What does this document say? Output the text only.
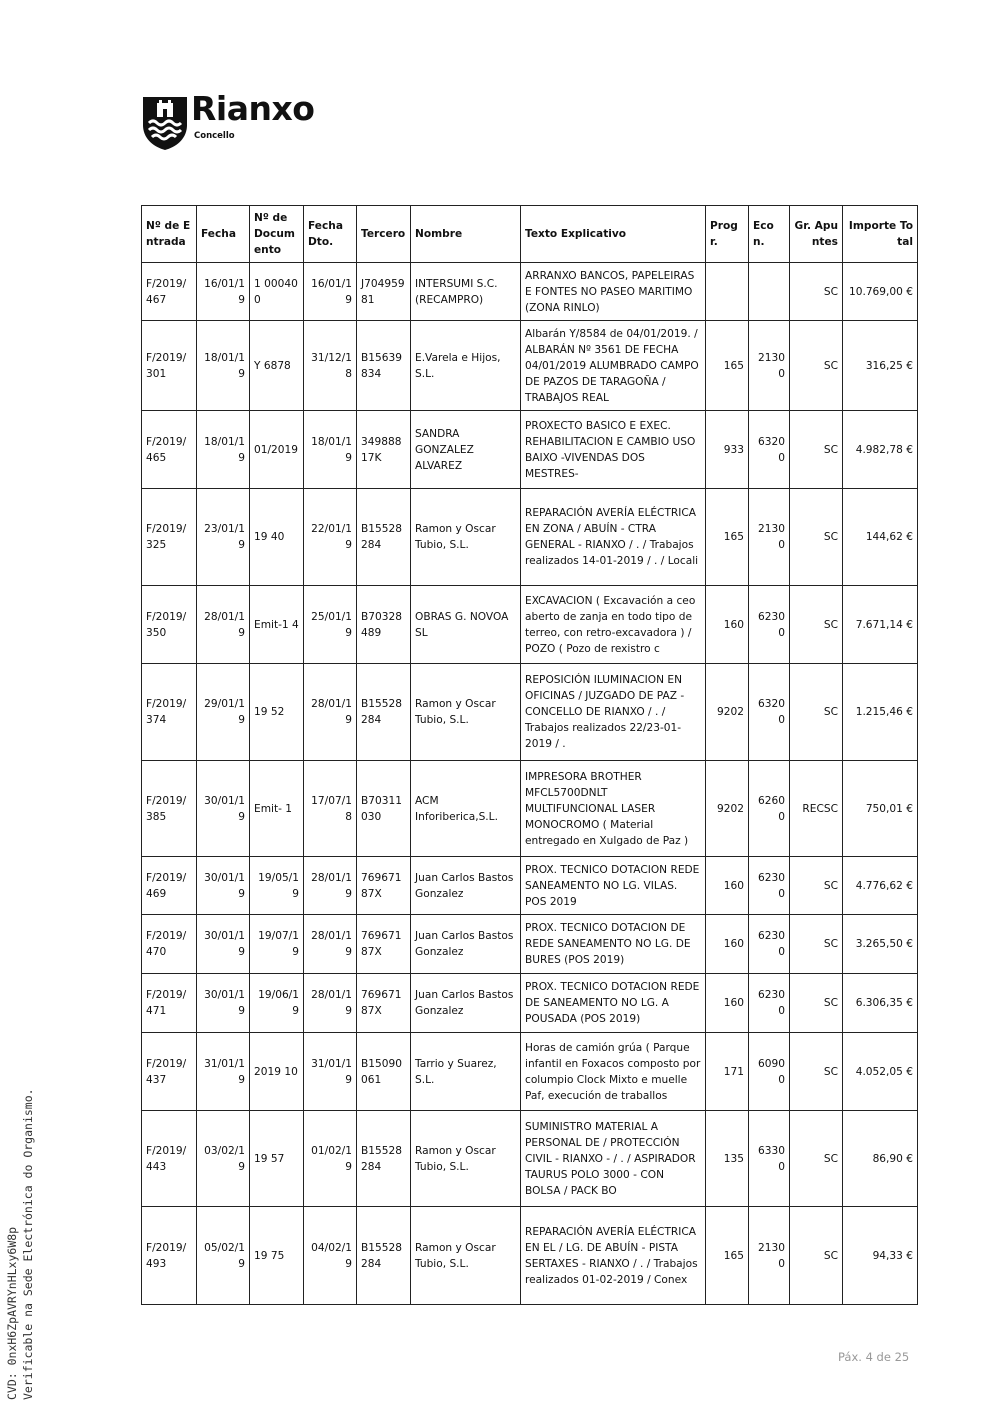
Rianxo
Concello
Nº de Entrada	Fecha	Nº de Documento	Fecha Dto.	Tercero	Nombre	Texto Explicativo	Progr.	Econ.	Gr. Apuntes	Importe Total
F/2019/467	16/01/19	1 000400	16/01/19	J70495981	INTERSUMI S.C. (RECAMPRO)	ARRANXO BANCOS, PAPELEIRAS E FONTES NO PASEO MARITIMO (ZONA RINLO)			SC	10.769,00 €
F/2019/301	18/01/19	Y 6878	31/12/18	B15639834	E.Varela e Hijos, S.L.	Albarán Y/8584 de 04/01/2019. / ALBARÁN Nº 3561 DE FECHA 04/01/2019 ALUMBRADO CAMPO DE PAZOS DE TARAGOÑA / TRABAJOS REAL	165	21300	SC	316,25 €
F/2019/465	18/01/19	01/2019	18/01/19	34988817K	SANDRA GONZALEZ ALVAREZ	PROXECTO BASICO E EXEC. REHABILITACION E CAMBIO USO BAIXO -VIVENDAS DOS MESTRES-	933	63200	SC	4.982,78 €
F/2019/325	23/01/19	19 40	22/01/19	B15528284	Ramon y Oscar Tubio, S.L.	REPARACIÓN AVERÍA ELÉCTRICA EN ZONA / ABUÍN - CTRA GENERAL - RIANXO / . / Trabajos realizados 14-01-2019 / . / Locali	165	21300	SC	144,62 €
F/2019/350	28/01/19	Emit-1 4	25/01/19	B70328489	OBRAS G. NOVOA SL	EXCAVACION ( Excavación a ceo aberto de zanja en todo tipo de terreo, con retro-excavadora ) / POZO ( Pozo de rexistro c	160	62300	SC	7.671,14 €
F/2019/374	29/01/19	19 52	28/01/19	B15528284	Ramon y Oscar Tubio, S.L.	REPOSICIÓN ILUMINACION EN OFICINAS / JUZGADO DE PAZ - CONCELLO DE RIANXO / . / Trabajos realizados 22/23-01-2019 / .	9202	63200	SC	1.215,46 €
F/2019/385	30/01/19	Emit- 1	17/07/18	B70311030	ACM Inforiberica,S.L.	IMPRESORA BROTHER MFCL5700DNLT MULTIFUNCIONAL LASER MONOCROMO ( Material entregado en Xulgado de Paz )	9202	62600	RECSC	750,01 €
F/2019/469	30/01/19	19/05/19	28/01/19	76967187X	Juan Carlos Bastos Gonzalez	PROX. TECNICO DOTACION REDE SANEAMENTO NO LG. VILAS. POS 2019	160	62300	SC	4.776,62 €
F/2019/470	30/01/19	19/07/19	28/01/19	76967187X	Juan Carlos Bastos Gonzalez	PROX. TECNICO DOTACION DE REDE SANEAMENTO NO LG. DE BURES (POS 2019)	160	62300	SC	3.265,50 €
F/2019/471	30/01/19	19/06/19	28/01/19	76967187X	Juan Carlos Bastos Gonzalez	PROX. TECNICO DOTACION REDE DE SANEAMENTO NO LG. A POUSADA (POS 2019)	160	62300	SC	6.306,35 €
F/2019/437	31/01/19	2019 10	31/01/19	B15090061	Tarrio y Suarez, S.L.	Horas de camión grúa ( Parque infantil en Foxacos composto por columpio Clock Mixto e muelle Paf, execución de traballos	171	60900	SC	4.052,05 €
F/2019/443	03/02/19	19 57	01/02/19	B15528284	Ramon y Oscar Tubio, S.L.	SUMINISTRO MATERIAL A PERSONAL DE / PROTECCIÓN CIVIL - RIANXO - / . / ASPIRADOR TAURUS POLO 3000 - CON BOLSA / PACK BO	135	63300	SC	86,90 €
F/2019/493	05/02/19	19 75	04/02/19	B15528284	Ramon y Oscar Tubio, S.L.	REPARACIÓN AVERÍA ELÉCTRICA EN EL / LG. DE ABUÍN - PISTA SERTAXES - RIANXO / . / Trabajos realizados 01-02-2019 / Conex	165	21300	SC	94,33 €
Páx. 4 de 25
CVD: 0nxH6ZpAVRYnHLxy6W8p Verificable na Sede Electrónica do Organismo.
